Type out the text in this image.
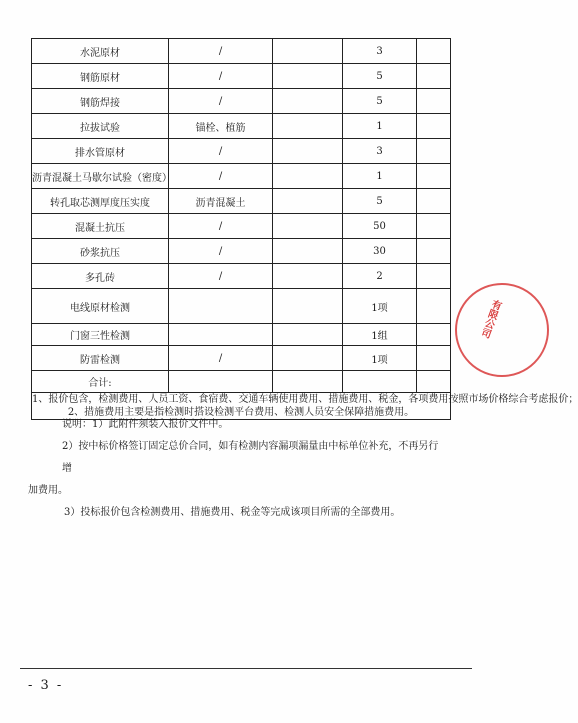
水泥原材	/		3	
钢筋原材	/		5	
钢筋焊接	/		5	
拉拔试验	锚栓、植筋		1	
排水管原材	/		3	
沥青混凝土马歇尔试验（密度）	/		1	
转孔取芯测厚度压实度	沥青混凝土		5	
混凝土抗压	/		50	
砂浆抗压	/		30	
多孔砖	/		2	
电线原材检测			1项	
门窗三性检测			1组	
防雷检测	/		1项	
合计:				

1、报价包含，检测费用、人员工资、食宿费、交通车辆使用费用、措施费用、税金，各项费用按照市场价格综合考虑报价；
2、措施费用主要是指检测时搭设检测平台费用、检测人员安全保障措施费用。				

说明：1）此附件须装入报价文件中。

2）按中标价格签订固定总价合同，如有检测内容漏项漏量由中标单位补充，不再另行增

加费用。

3）投标报价包含检测费用、措施费用、税金等完成该项目所需的全部费用。

有限公司
- 3 -
